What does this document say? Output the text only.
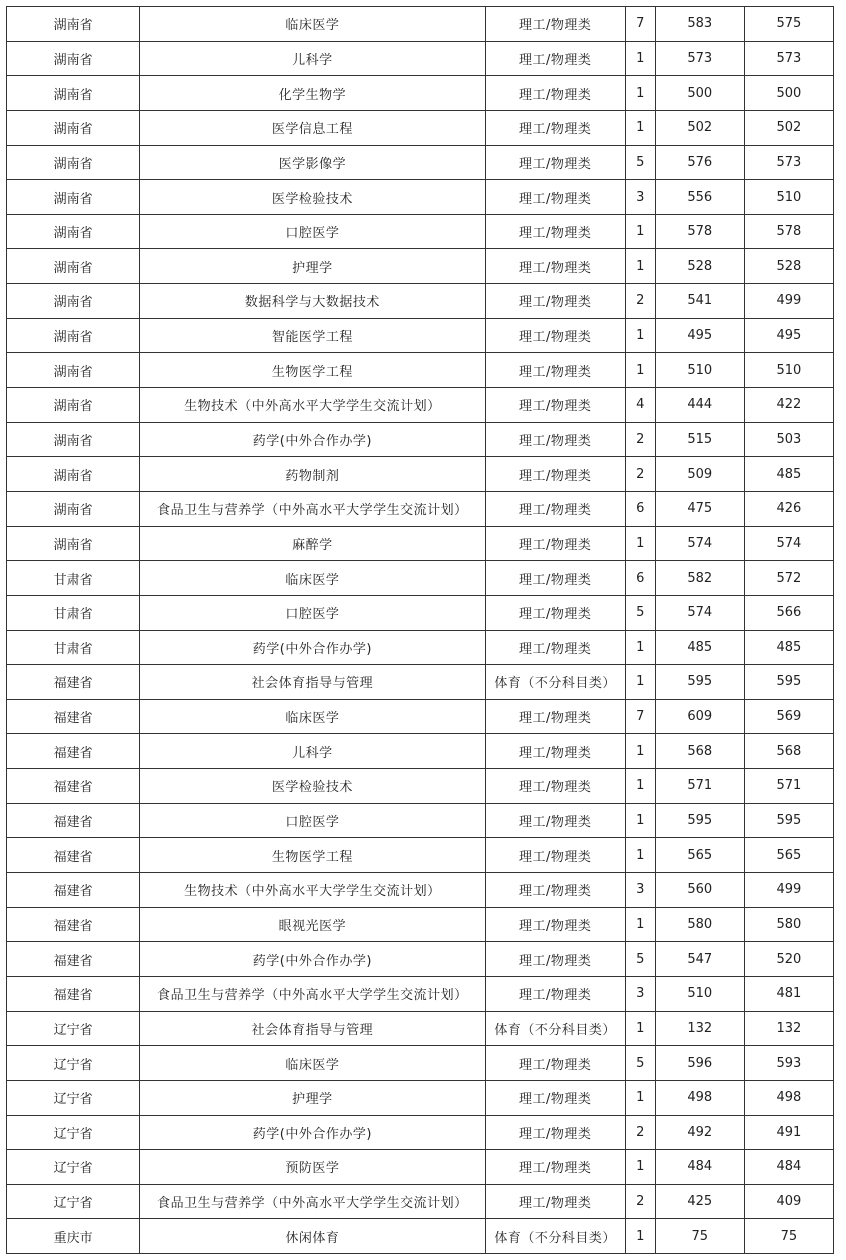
湖南省	临床医学	理工/物理类	7	583	575
湖南省	儿科学	理工/物理类	1	573	573
湖南省	化学生物学	理工/物理类	1	500	500
湖南省	医学信息工程	理工/物理类	1	502	502
湖南省	医学影像学	理工/物理类	5	576	573
湖南省	医学检验技术	理工/物理类	3	556	510
湖南省	口腔医学	理工/物理类	1	578	578
湖南省	护理学	理工/物理类	1	528	528
湖南省	数据科学与大数据技术	理工/物理类	2	541	499
湖南省	智能医学工程	理工/物理类	1	495	495
湖南省	生物医学工程	理工/物理类	1	510	510
湖南省	生物技术（中外高水平大学学生交流计划）	理工/物理类	4	444	422
湖南省	药学(中外合作办学)	理工/物理类	2	515	503
湖南省	药物制剂	理工/物理类	2	509	485
湖南省	食品卫生与营养学（中外高水平大学学生交流计划）	理工/物理类	6	475	426
湖南省	麻醉学	理工/物理类	1	574	574
甘肃省	临床医学	理工/物理类	6	582	572
甘肃省	口腔医学	理工/物理类	5	574	566
甘肃省	药学(中外合作办学)	理工/物理类	1	485	485
福建省	社会体育指导与管理	体育（不分科目类）	1	595	595
福建省	临床医学	理工/物理类	7	609	569
福建省	儿科学	理工/物理类	1	568	568
福建省	医学检验技术	理工/物理类	1	571	571
福建省	口腔医学	理工/物理类	1	595	595
福建省	生物医学工程	理工/物理类	1	565	565
福建省	生物技术（中外高水平大学学生交流计划）	理工/物理类	3	560	499
福建省	眼视光医学	理工/物理类	1	580	580
福建省	药学(中外合作办学)	理工/物理类	5	547	520
福建省	食品卫生与营养学（中外高水平大学学生交流计划）	理工/物理类	3	510	481
辽宁省	社会体育指导与管理	体育（不分科目类）	1	132	132
辽宁省	临床医学	理工/物理类	5	596	593
辽宁省	护理学	理工/物理类	1	498	498
辽宁省	药学(中外合作办学)	理工/物理类	2	492	491
辽宁省	预防医学	理工/物理类	1	484	484
辽宁省	食品卫生与营养学（中外高水平大学学生交流计划）	理工/物理类	2	425	409
重庆市	休闲体育	体育（不分科目类）	1	75	75
